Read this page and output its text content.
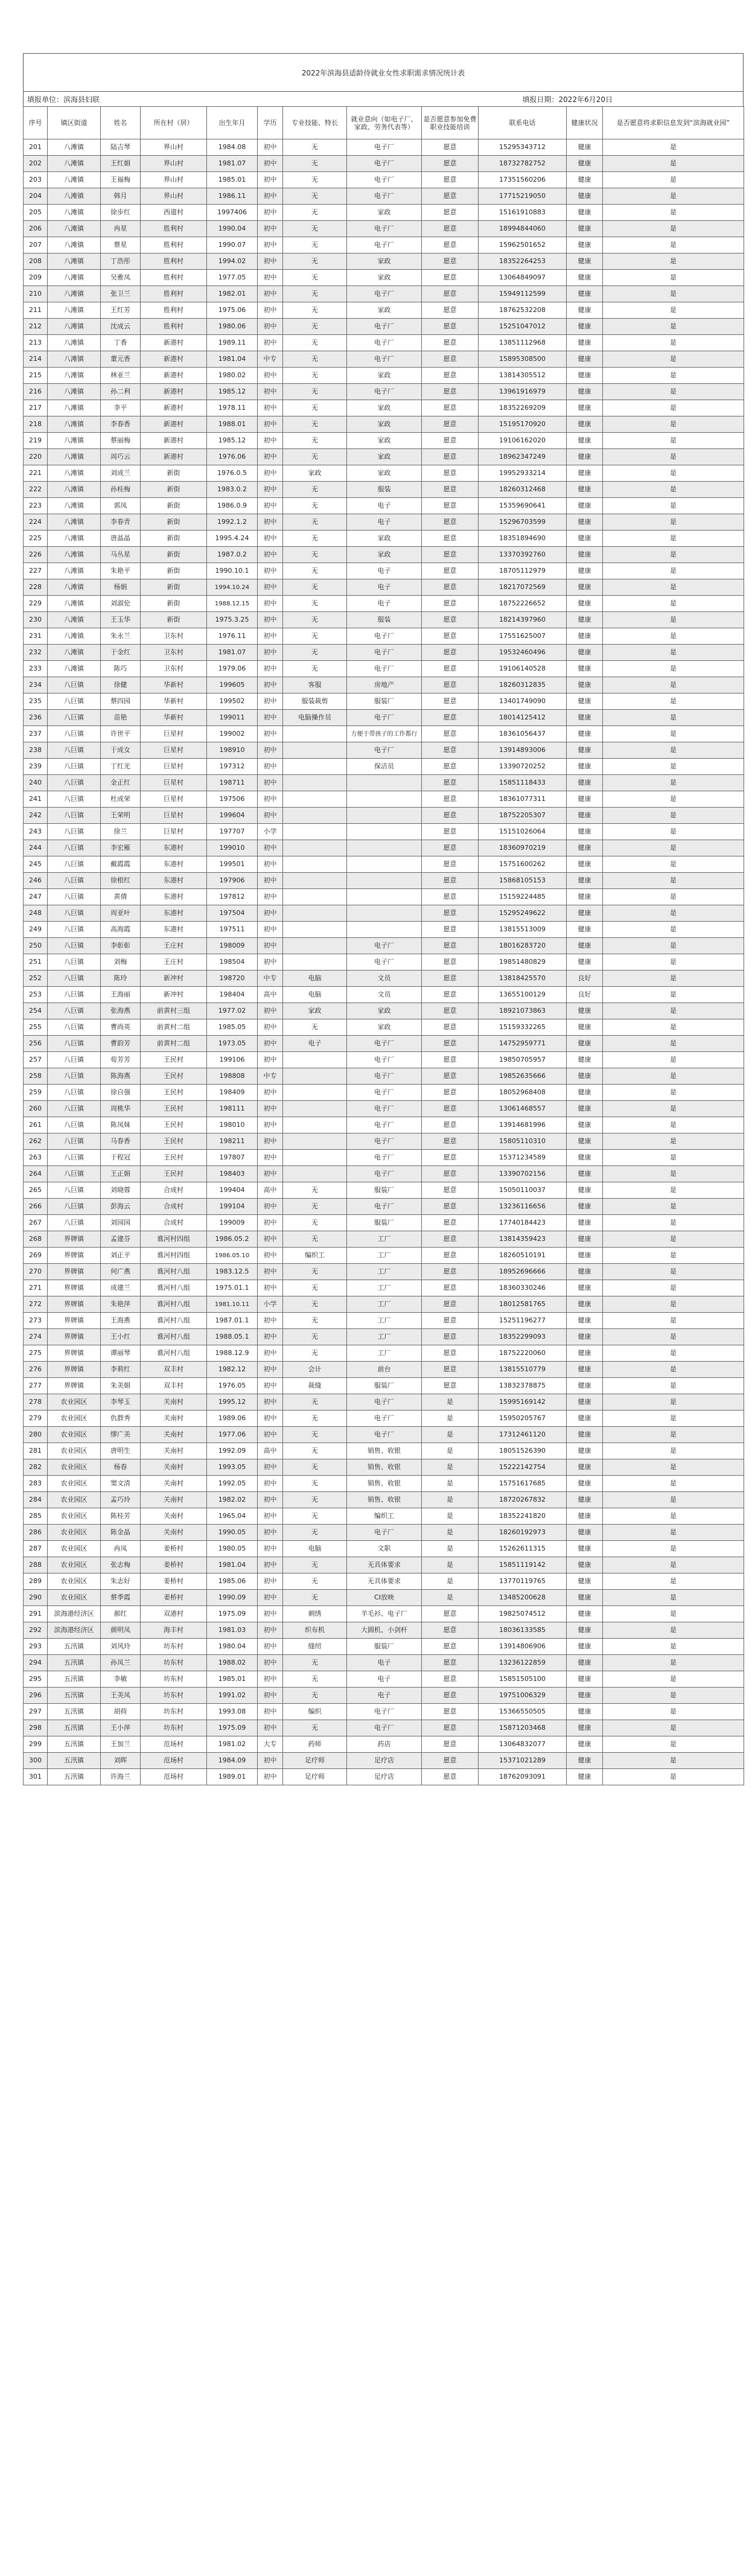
2022年滨海县适龄待就业女性求职需求情况统计表
填报单位：滨海县妇联	填报日期：2022年6月20日
序号	镇区街道	姓名	所在村（居）	出生年月	学历	专业技能、特长	就业意向（如电子厂、家政、劳务代表等）	是否愿意参加免费职业技能培训	联系电话	健康状况	是否愿意将求职信息发到“滨海就业园”
201	八滩镇	陆吉琴	界山村	1984.08	初中	无	电子厂	愿意	15295343712	健康	是
202	八滩镇	王红娟	界山村	1981.07	初中	无	电子厂	愿意	18732782752	健康	是
203	八滩镇	王福梅	界山村	1985.01	初中	无	电子厂	愿意	17351560206	健康	是
204	八滩镇	韩月	界山村	1986.11	初中	无	电子厂	愿意	17715219050	健康	是
205	八滩镇	徐步红	西道村	1997406	初中	无	家政	愿意	15161910883	健康	是
206	八滩镇	冉星	胜利村	1990.04	初中	无	电子厂	愿意	18994844060	健康	是
207	八滩镇	蔡星	胜利村	1990.07	初中	无	电子厂	愿意	15962501652	健康	是
208	八滩镇	丁浩彤	胜利村	1994.02	初中	无	家政	愿意	18352264253	健康	是
209	八滩镇	吴雅凤	胜利村	1977.05	初中	无	家政	愿意	13064849097	健康	是
210	八滩镇	张卫兰	胜利村	1982.01	初中	无	电子厂	愿意	15949112599	健康	是
211	八滩镇	王红芳	胜利村	1975.06	初中	无	家政	愿意	18762532208	健康	是
212	八滩镇	沈成云	胜利村	1980.06	初中	无	电子厂	愿意	15251047012	健康	是
213	八滩镇	丁香	新港村	1989.11	初中	无	电子厂	愿意	13851112968	健康	是
214	八滩镇	董元香	新港村	1981.04	中专	无	电子厂	愿意	15895308500	健康	是
215	八滩镇	林亚兰	新港村	1980.02	初中	无	家政	愿意	13814305512	健康	是
216	八滩镇	孙二利	新港村	1985.12	初中	无	电子厂	愿意	13961916979	健康	是
217	八滩镇	李平	新港村	1978.11	初中	无	家政	愿意	18352269209	健康	是
218	八滩镇	李春香	新港村	1988.01	初中	无	家政	愿意	15195170920	健康	是
219	八滩镇	蔡丽梅	新港村	1985.12	初中	无	家政	愿意	19106162020	健康	是
220	八滩镇	周巧云	新港村	1976.06	初中	无	家政	愿意	18962347249	健康	是
221	八滩镇	刘成兰	新街	1976.0.5	初中	家政	家政	愿意	19952933214	健康	是
222	八滩镇	孙桂梅	新街	1983.0.2	初中	无	服装	愿意	18260312468	健康	是
223	八滩镇	郭凤	新街	1986.0.9	初中	无	电子	愿意	15359690641	健康	是
224	八滩镇	李春青	新街	1992.1.2	初中	无	电子	愿意	15296703599	健康	是
225	八滩镇	唐晶晶	新街	1995.4.24	初中	无	家政	愿意	18351894690	健康	是
226	八滩镇	马丛星	新街	1987.0.2	初中	无	家政	愿意	13370392760	健康	是
227	八滩镇	朱艳平	新街	1990.10.1	初中	无	电子	愿意	18705112979	健康	是
228	八滩镇	杨娟	新街	1994.10.24	初中	无	电子	愿意	18217072569	健康	是
229	八滩镇	刘淑伦	新街	1988.12.15	初中	无	电子	愿意	18752226652	健康	是
230	八滩镇	王玉华	新街	1975.3.25	初中	无	服装	愿意	18214397960	健康	是
231	八滩镇	朱永兰	卫东村	1976.11	初中	无	电子厂	愿意	17551625007	健康	是
232	八滩镇	于金红	卫东村	1981.07	初中	无	电子厂	愿意	19532460496	健康	是
233	八滩镇	陈巧	卫东村	1979.06	初中	无	电子厂	愿意	19106140528	健康	是
234	八巨镇	徐健	华新村	199605	初中	客服	房地产	愿意	18260312835	健康	是
235	八巨镇	蔡四园	华新村	199502	初中	服装裁剪	服装厂	愿意	13401749090	健康	是
236	八巨镇	苗艳	华新村	199011	初中	电脑操作员	电子厂	愿意	18014125412	健康	是
237	八巨镇	许世平	巨星村	199002	初中		方便于带孩子的工作都行	愿意	18361056437	健康	是
238	八巨镇	于成女	巨星村	198910	初中		电子厂	愿意	13914893006	健康	是
239	八巨镇	丁红光	巨星村	197312	初中		保洁员	愿意	13390720252	健康	是
240	八巨镇	金正红	巨星村	198711	初中			愿意	15851118433	健康	是
241	八巨镇	杜成荣	巨星村	197506	初中			愿意	18361077311	健康	是
242	八巨镇	王荣明	巨星村	199604	初中			愿意	18752205307	健康	是
243	八巨镇	徐兰	巨星村	197707	小学			愿意	15151026064	健康	是
244	八巨镇	李宏雁	东港村	199010	初中			愿意	18360970219	健康	是
245	八巨镇	戴霞霞	东港村	199501	初中			愿意	15751600262	健康	是
246	八巨镇	徐根红	东港村	197906	初中			愿意	15868105153	健康	是
247	八巨镇	黄倩	东港村	197812	初中			愿意	15159224485	健康	是
248	八巨镇	周亚叶	东港村	197504	初中			愿意	15295249622	健康	是
249	八巨镇	高海霞	东港村	197511	初中			愿意	13815513009	健康	是
250	八巨镇	李彰彰	王庄村	198009	初中		电子厂	愿意	18016283720	健康	是
251	八巨镇	刘梅	王庄村	198504	初中		电子厂	愿意	19851480829	健康	是
252	八巨镇	陈玲	新冲村	198720	中专	电脑	文员	愿意	13818425570	良好	是
253	八巨镇	王海丽	新冲村	198404	高中	电脑	文员	愿意	13655100129	良好	是
254	八巨镇	张海燕	前黄村三组	1977.02	初中	家政	家政	愿意	18921073863	健康	是
255	八巨镇	曹尚英	前黄村二组	1985.05	初中	无	家政	愿意	15159332265	健康	是
256	八巨镇	曹韵芳	前黄村二组	1973.05	初中	电子	电子厂	愿意	14752959771	健康	是
257	八巨镇	荀芳芳	王民村	199106	初中		电子厂	愿意	19850705957	健康	是
258	八巨镇	陈海燕	王民村	198808	中专		电子厂	愿意	19852635666	健康	是
259	八巨镇	徐自强	王民村	198409	初中		电子厂	愿意	18052968408	健康	是
260	八巨镇	周桃华	王民村	198111	初中		电子厂	愿意	13061468557	健康	是
261	八巨镇	陈凤妹	王民村	198010	初中		电子厂	愿意	13914681996	健康	是
262	八巨镇	马春香	王民村	198211	初中		电子厂	愿意	15805110310	健康	是
263	八巨镇	于程冠	王民村	197807	初中		电子厂	愿意	15371234589	健康	是
264	八巨镇	王正娟	王民村	198403	初中		电子厂	愿意	13390702156	健康	是
265	八巨镇	刘晓蓉	合成村	199404	高中	无	服装厂	愿意	15050110037	健康	是
266	八巨镇	彭海云	合成村	199104	初中	无	电子厂	愿意	13236116656	健康	是
267	八巨镇	刘园园	合成村	199009	初中	无	服装厂	愿意	17740184423	健康	是
268	界牌镇	孟建芬	谯河村四组	1986.05.2	初中	无	工厂	愿意	13814359423	健康	是
269	界牌镇	刘正平	谯河村四组	1986.05.10	初中	编织工	工厂	愿意	18260510191	健康	是
270	界牌镇	何广燕	谯河村八组	1983.12.5	初中	无	工厂	愿意	18952696666	健康	是
271	界牌镇	成建兰	谯河村八组	1975.01.1	初中	无	工厂	愿意	18360330246	健康	是
272	界牌镇	朱艳萍	谯河村八组	1981.10.11	小学	无	工厂	愿意	18012581765	健康	是
273	界牌镇	王海燕	谯河村八组	1987.01.1	初中	无	工厂	愿意	15251196277	健康	是
274	界牌镇	王小红	谯河村八组	1988.05.1	初中	无	工厂	愿意	18352299093	健康	是
275	界牌镇	谭丽琴	谯河村八组	1988.12.9	初中	无	工厂	愿意	18752220060	健康	是
276	界牌镇	李莉红	双丰村	1982.12	初中	会计	前台	愿意	13815510779	健康	是
277	界牌镇	朱美娟	双丰村	1976.05	初中	裁缝	服装厂	愿意	13832378875	健康	是
278	农业园区	李琴玉	关南村	1995.12	初中	无	电子厂	是	15995169142	健康	是
279	农业园区	仇群秀	关南村	1989.06	初中	无	电子厂	是	15950205767	健康	是
280	农业园区	缪广美	关南村	1977.06	初中	无	电子厂	是	17312461120	健康	是
281	农业园区	唐明生	关南村	1992.09	高中	无	销售、收银	是	18051526390	健康	是
282	农业园区	杨春	关南村	1993.05	初中	无	销售、收银	是	15222142754	健康	是
283	农业园区	窦文清	关南村	1992.05	初中	无	销售、收银	是	15751617685	健康	是
284	农业园区	孟巧玲	关南村	1982.02	初中	无	销售、收银	是	18720267832	健康	是
285	农业园区	陈桂芳	关南村	1965.04	初中	无	编织工	是	18352241820	健康	是
286	农业园区	陈金晶	关南村	1990.05	初中	无	电子厂	是	18260192973	健康	是
287	农业园区	冉凤	姜桥村	1980.05	初中	电脑	文职	是	15262611315	健康	是
288	农业园区	张志梅	姜桥村	1981.04	初中	无	无具体要求	是	15851119142	健康	是
289	农业园区	朱志好	姜桥村	1985.06	初中	无	无具体要求	是	13770119765	健康	是
290	农业园区	蔡季霞	姜桥村	1990.09	初中	无	CI放映	是	13485200628	健康	是
291	滨海港经济区	郝红	双港村	1975.09	初中	刺绣	羊毛衫、电子厂	愿意	19825074512	健康	是
292	滨海港经济区	颜明凤	海丰村	1981.03	初中	织布机	大圆机、小剑杆	愿意	18036133585	健康	是
293	五汛镇	刘风玲	坊东村	1980.04	初中	缝纫	服装厂	愿意	13914806906	健康	是
294	五汛镇	孙凤兰	坊东村	1988.02	初中	无	电子	愿意	13236122859	健康	是
295	五汛镇	李敏	坊东村	1985.01	初中	无	电子	愿意	15851505100	健康	是
296	五汛镇	王美凤	坊东村	1991.02	初中	无	电子	愿意	19751006329	健康	是
297	五汛镇	胡荷	坊东村	1993.08	初中	编织	电子厂	愿意	15366550505	健康	是
298	五汛镇	王小萍	坊东村	1975.09	初中	无	电子厂	愿意	15871203468	健康	是
299	五汛镇	王加兰	范场村	1981.02	大专	药师	药店	愿意	13064832077	健康	是
300	五汛镇	刘晖	范场村	1984.09	初中	足疗师	足疗店	愿意	15371021289	健康	是
301	五汛镇	许海兰	范场村	1989.01	初中	足疗师	足疗店	愿意	18762093091	健康	是
